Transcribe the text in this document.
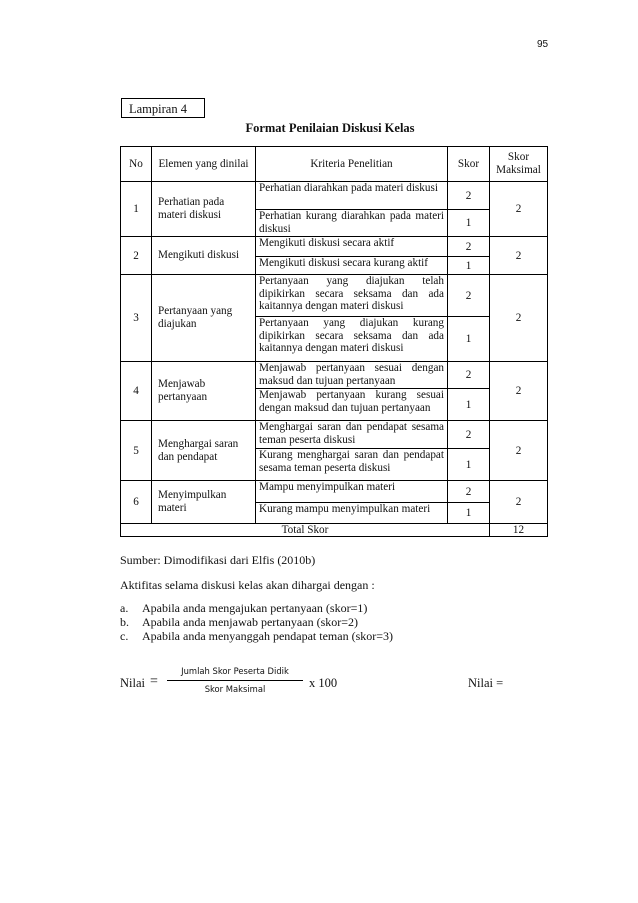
95
Lampiran 4
Format Penilaian Diskusi Kelas
No	Elemen yang dinilai	Kriteria Penelitian	Skor	Skor Maksimal
1	Perhatian pada materi diskusi	Perhatian diarahkan pada materi diskusi	2	2
		Perhatian kurang diarahkan pada materi diskusi	1	
2	Mengikuti diskusi	Mengikuti diskusi secara aktif	2	2
		Mengikuti diskusi secara kurang aktif	1	
3	Pertanyaan yang diajukan	Pertanyaan yang diajukan telah dipikirkan secara seksama dan ada kaitannya dengan materi diskusi	2	2
		Pertanyaan yang diajukan kurang dipikirkan secara seksama dan ada kaitannya dengan materi diskusi	1	
4	Menjawab pertanyaan	Menjawab pertanyaan sesuai dengan maksud dan tujuan pertanyaan	2	2
		Menjawab pertanyaan kurang sesuai dengan maksud dan tujuan pertanyaan	1	
5	Menghargai saran dan pendapat	Menghargai saran dan pendapat sesama teman peserta diskusi	2	2
		Kurang menghargai saran dan pendapat sesama teman peserta diskusi	1	
6	Menyimpulkan materi	Mampu menyimpulkan materi	2	2
		Kurang mampu menyimpulkan materi	1	
Total Skor				12
Sumber: Dimodifikasi dari Elfis (2010b)
Aktifitas selama diskusi kelas akan dihargai dengan :
a. Apabila anda mengajukan pertanyaan (skor=1)
b. Apabila anda menjawab pertanyaan (skor=2)
c. Apabila anda menyanggah pendapat teman (skor=3)
Nilai =
Jumlah Skor Peserta Didik
Skor Maksimal	x 100	Nilai =
